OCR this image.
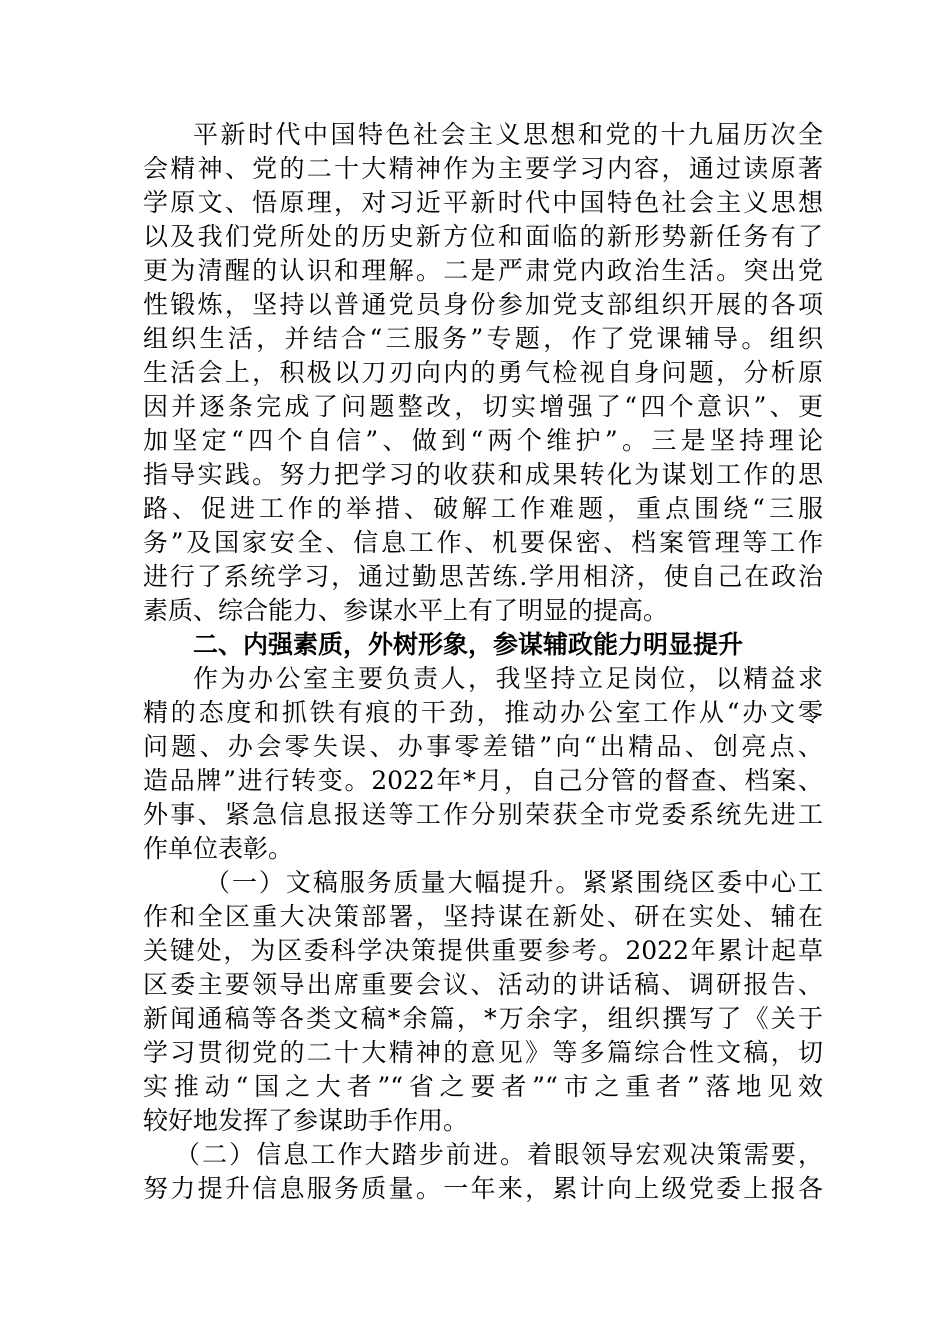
平新时代中国特色社会主义思想和党的十九届历次全
会精神、党的二十大精神作为主要学习内容，通过读原著
学原文、悟原理，对习近平新时代中国特色社会主义思想
以及我们党所处的历史新方位和面临的新形势新任务有了
更为清醒的认识和理解。二是严肃党内政治生活。突出党
性锻炼，坚持以普通党员身份参加党支部组织开展的各项
组织生活，并结合“三服务”专题，作了党课辅导。组织
生活会上，积极以刀刃向内的勇气检视自身问题，分析原
因并逐条完成了问题整改，切实增强了“四个意识”、更
加坚定“四个自信”、做到“两个维护”。三是坚持理论
指导实践。努力把学习的收获和成果转化为谋划工作的思
路、促进工作的举措、破解工作难题，重点围绕“三服
务”及国家安全、信息工作、机要保密、档案管理等工作
进行了系统学习，通过勤思苦练.学用相济，使自己在政治
素质、综合能力、参谋水平上有了明显的提高。
二、内强素质，外树形象，参谋辅政能力明显提升
作为办公室主要负责人，我坚持立足岗位，以精益求
精的态度和抓铁有痕的干劲，推动办公室工作从“办文零
问题、办会零失误、办事零差错”向“出精品、创亮点、
造品牌”进行转变。2022年*月，自己分管的督查、档案、
外事、紧急信息报送等工作分别荣获全市党委系统先进工
作单位表彰。
（一）文稿服务质量大幅提升。紧紧围绕区委中心工
作和全区重大决策部署，坚持谋在新处、研在实处、辅在
关键处，为区委科学决策提供重要参考。2022年累计起草
区委主要领导出席重要会议、活动的讲话稿、调研报告、
新闻通稿等各类文稿*余篇，*万余字，组织撰写了《关于
学习贯彻党的二十大精神的意见》等多篇综合性文稿，切
实推动“国之大者”“省之要者”“市之重者”落地见效
较好地发挥了参谋助手作用。
（二）信息工作大踏步前进。着眼领导宏观决策需要，
努力提升信息服务质量。一年来，累计向上级党委上报各
